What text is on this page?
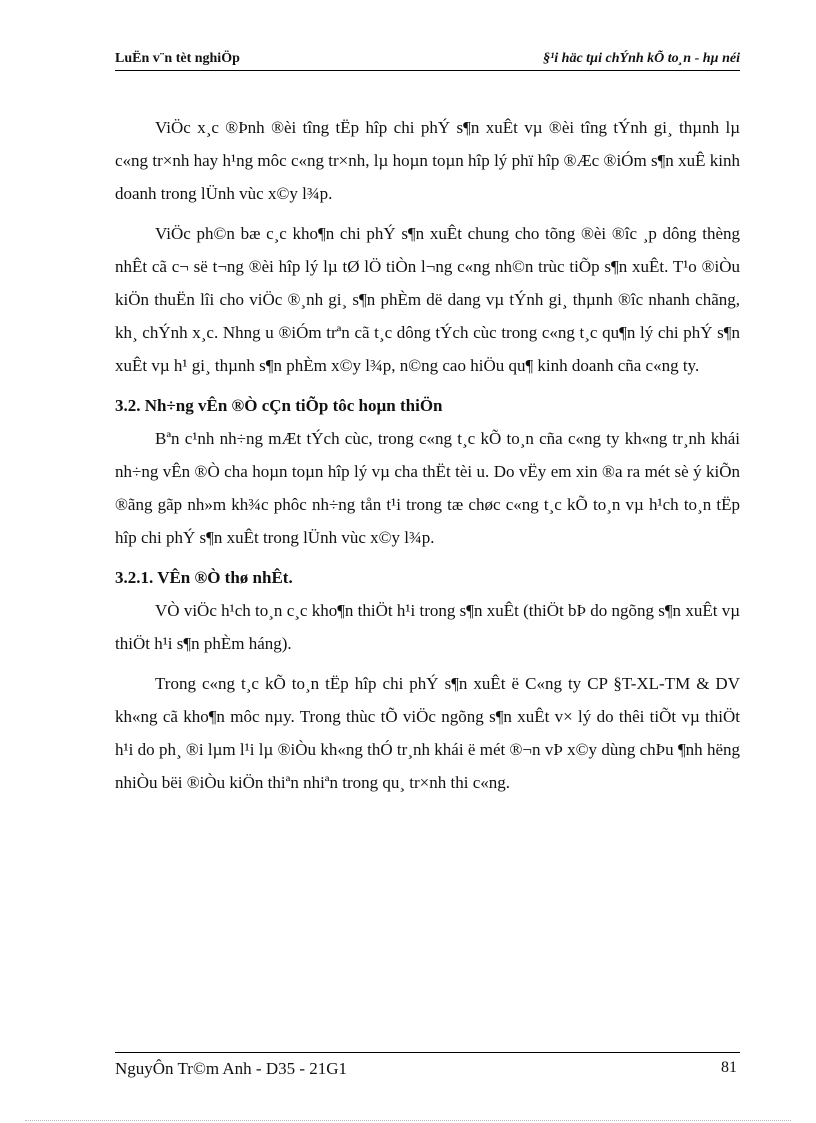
LuËn v¨n tèt nghiÖp	§¹i häc tµi chÝnh kÕ to¸n - hµ néi

ViÖc x¸c ®Þnh ®èi tîng tËp hîp chi phÝ s¶n xuÊt vµ ®èi tîng tÝnh gi¸ thµnh lµ c«ng tr×nh hay h¹ng môc c«ng tr×nh, lµ hoµn toµn hîp lý phï hîp ®Æc ®iÓm s¶n xuÊ kinh doanh trong lÜnh vùc x©y l¾p.

ViÖc ph©n bæ c¸c kho¶n chi phÝ s¶n xuÊt chung cho tõng ®èi ®îc ¸p dông thèng nhÊt cã c¬ së t¬ng ®èi hîp lý lµ tØ lÖ tiÒn l¬ng c«ng nh©n trùc tiÕp s¶n xuÊt. T¹o ®iÒu kiÖn thuËn lîi cho viÖc ®¸nh gi¸ s¶n phÈm dë dang vµ tÝnh gi¸ thµnh ®îc nhanh chãng, kh¸ chÝnh x¸c. Nhng u ®iÓm trªn cã t¸c dông tÝch cùc trong c«ng t¸c qu¶n lý chi phÝ s¶n xuÊt vµ h¹ gi¸ thµnh s¶n phÈm x©y l¾p, n©ng cao hiÖu qu¶ kinh doanh cña c«ng ty.

3.2. Nh÷ng vÊn ®Ò cÇn tiÕp tôc hoµn thiÖn

Bªn c¹nh nh÷ng mÆt tÝch cùc, trong c«ng t¸c kÕ to¸n cña c«ng ty kh«ng tr¸nh khái nh÷ng vÊn ®Ò cha hoµn toµn hîp lý vµ cha thËt tèi u. Do vËy em xin ®a ra mét sè ý kiÕn ®ãng gãp nh»m kh¾c phôc nh÷ng tån t¹i trong tæ chøc c«ng t¸c kÕ to¸n vµ h¹ch to¸n tËp hîp chi phÝ s¶n xuÊt trong lÜnh vùc x©y l¾p.

3.2.1. VÊn ®Ò thø nhÊt.

VÒ viÖc h¹ch to¸n c¸c kho¶n thiÖt h¹i trong s¶n xuÊt (thiÖt bÞ do ngõng s¶n xuÊt vµ thiÖt h¹i s¶n phÈm háng).

Trong c«ng t¸c kÕ to¸n tËp hîp chi phÝ s¶n xuÊt ë C«ng ty CP §T-XL-TM & DV kh«ng cã kho¶n môc nµy. Trong thùc tÕ viÖc ngõng s¶n xuÊt v× lý do thêi tiÕt vµ thiÖt h¹i do ph¸ ®i lµm l¹i lµ ®iÒu kh«ng thÓ tr¸nh khái ë mét ®¬n vÞ x©y dùng chÞu ¶nh hëng nhiÒu bëi ®iÒu kiÖn thiªn nhiªn trong qu¸ tr×nh thi c«ng.

NguyÔn Tr©m Anh - D35 - 21G1	81
